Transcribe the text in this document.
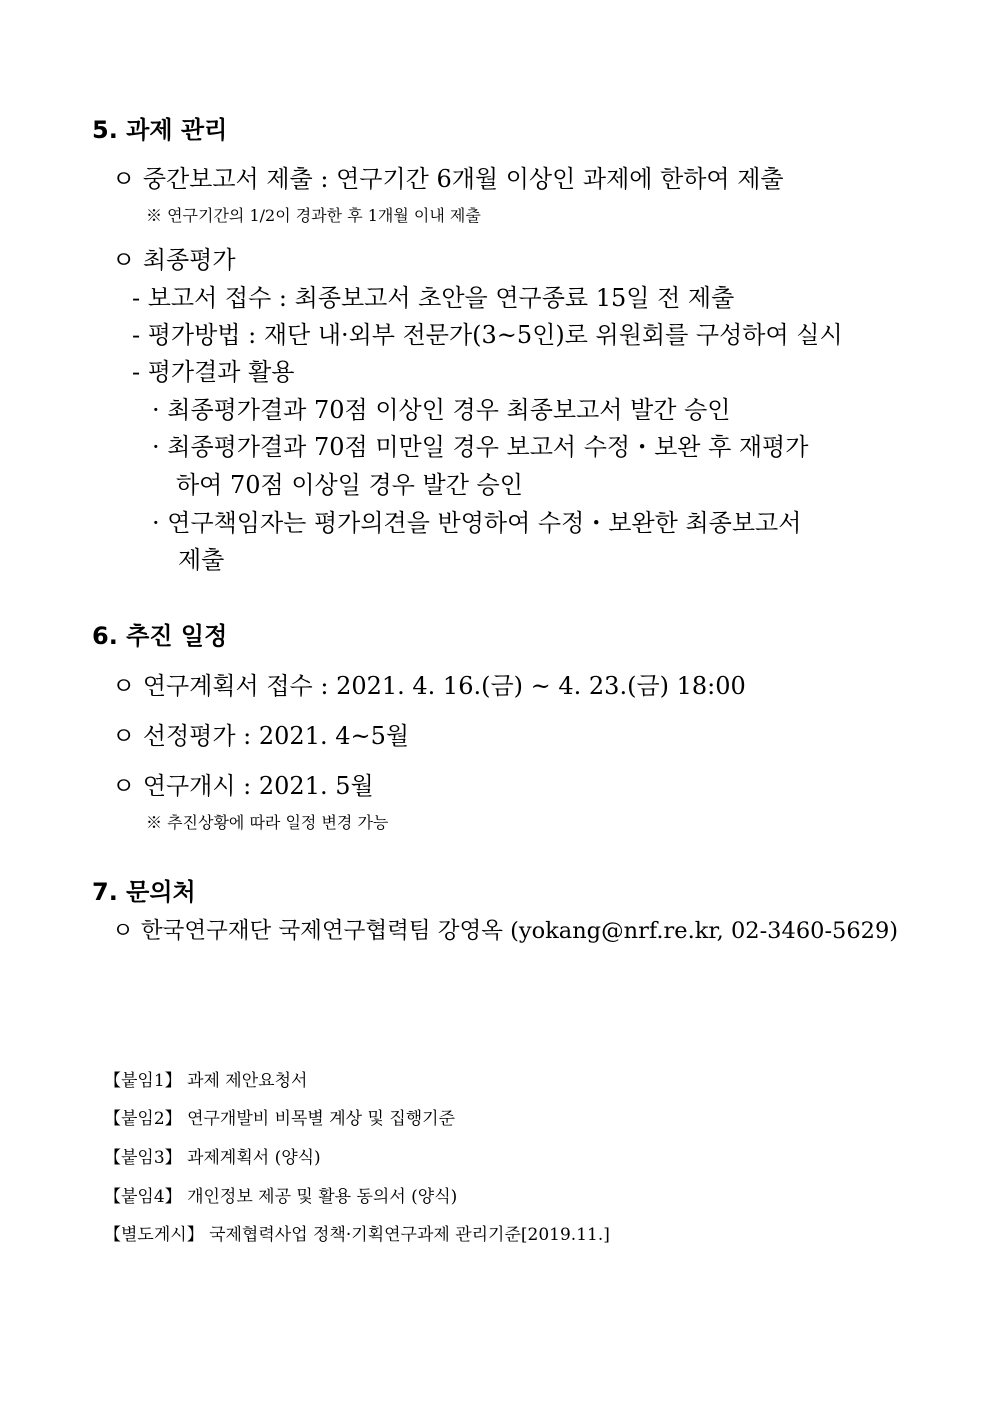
5. 과제 관리
ㅇ 중간보고서 제출 : 연구기간 6개월 이상인 과제에 한하여 제출
※ 연구기간의 1/2이 경과한 후 1개월 이내 제출
ㅇ 최종평가
- 보고서 접수 : 최종보고서 초안을 연구종료 15일 전 제출
- 평가방법 : 재단 내·외부 전문가(3~5인)로 위원회를 구성하여 실시
- 평가결과 활용
· 최종평가결과 70점 이상인 경우 최종보고서 발간 승인
· 최종평가결과 70점 미만일 경우 보고서 수정・보완 후 재평가
하여 70점 이상일 경우 발간 승인
· 연구책임자는 평가의견을 반영하여 수정・보완한 최종보고서
제출
6. 추진 일정
ㅇ 연구계획서 접수 : 2021. 4. 16.(금) ~ 4. 23.(금) 18:00
ㅇ 선정평가 : 2021. 4~5월
ㅇ 연구개시 : 2021. 5월
※ 추진상황에 따라 일정 변경 가능
7. 문의처
ㅇ 한국연구재단 국제연구협력팀 강영옥 (yokang@nrf.re.kr, 02-3460-5629)
【붙임1】 과제 제안요청서
【붙임2】 연구개발비 비목별 계상 및 집행기준
【붙임3】 과제계획서 (양식)
【붙임4】 개인정보 제공 및 활용 동의서 (양식)
【별도게시】 국제협력사업 정책·기획연구과제 관리기준[2019.11.]
